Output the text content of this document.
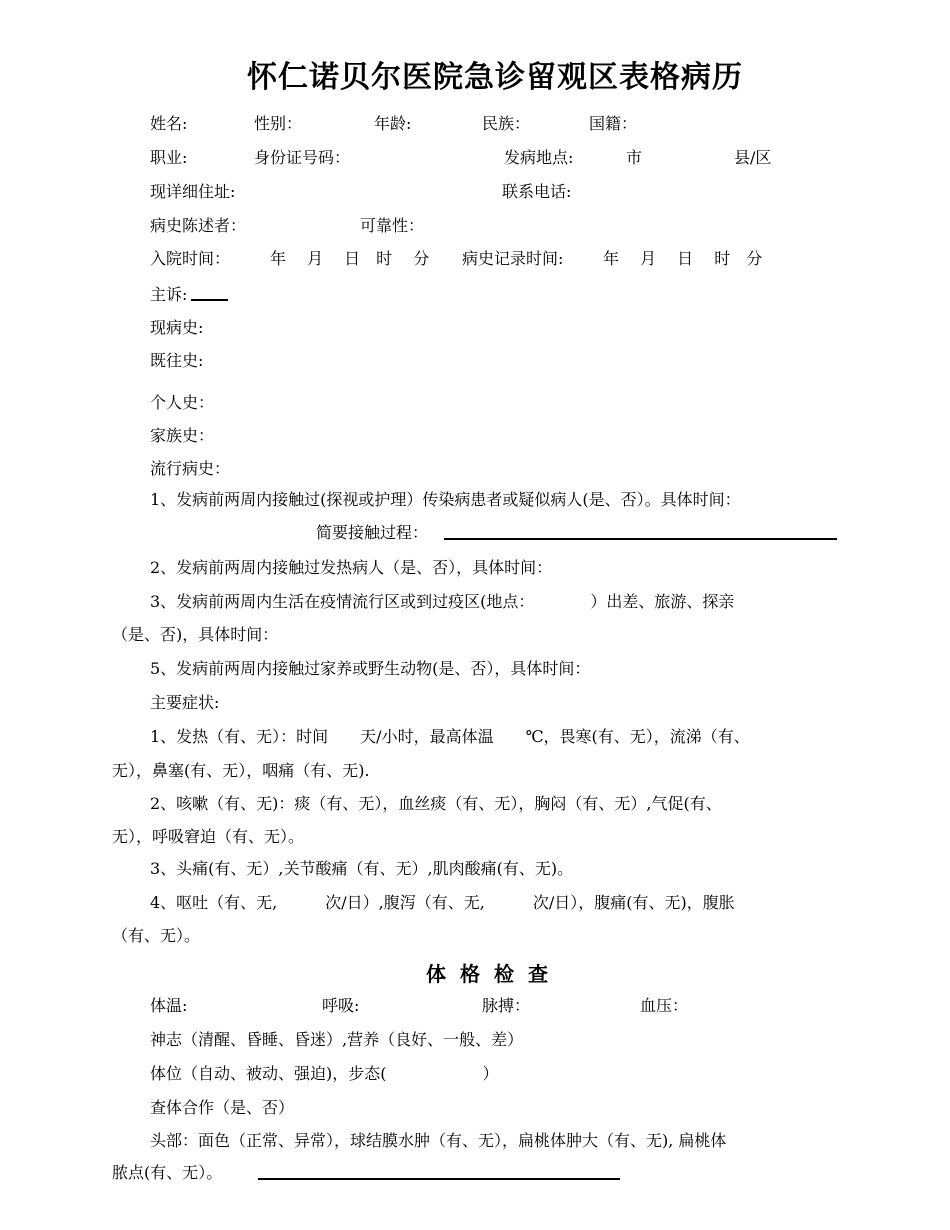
怀仁诺贝尔医院急诊留观区表格病历
姓名:	性别：	年龄:	民族：	国籍：
职业:	身份证号码：	发病地点:	市	县/区
现详细住址:	联系电话:
病史陈述者：	可靠性：
入院时间： 年　 月　 日　时　 分 病史记录时间: 年　 月　 日　 时　分
主诉:
现病史:
既往史:
个人史：
家族史：
流行病史：
1、发病前两周内接触过(探视或护理）传染病患者或疑似病人(是、否）。具体时间：
简要接触过程：
2、发病前两周内接触过发热病人（是、否），具体时间：
3、发病前两周内生活在疫情流行区或到过疫区(地点：　　　　）出差、旅游、探亲
（是、否)，具体时间：
5、发病前两周内接触过家养或野生动物(是、否），具体时间：
主要症状:
1、发热（有、无）：时间　　天/小时，最高体温　　℃，畏寒(有、无），流涕（有、
无），鼻塞(有、无），咽痛（有、无).
2、咳嗽（有、无)：痰（有、无），血丝痰（有、无），胸闷（有、无）,气促(有、
无），呼吸窘迫（有、无）。
3、头痛(有、无）,关节酸痛（有、无）,肌肉酸痛(有、无)。
4、呕吐（有、无,　　　次/日）,腹泻（有、无,　　　次/日），腹痛(有、无)，腹胀
（有、无）。
体格检查
体温:	呼吸:	脉搏：	血压：
神志（清醒、昏睡、昏迷）,营养（良好、一般、差）
体位（自动、被动、强迫)，步态(　　　　　　）
查体合作（是、否）
头部：面色（正常、异常），球结膜水肿（有、无），扁桃体肿大（有、无), 扁桃体
脓点(有、无）。
